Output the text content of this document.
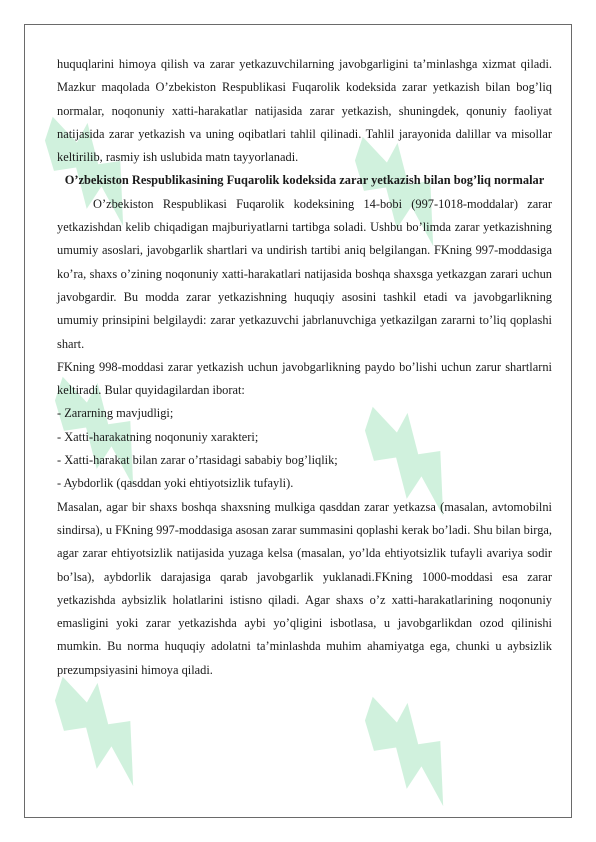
huquqlarini himoya qilish va zarar yetkazuvchilarning javobgarligini ta’minlashga xizmat qiladi. Mazkur maqolada O’zbekiston Respublikasi Fuqarolik kodeksida zarar yetkazish bilan bog’liq normalar, noqonuniy xatti-harakatlar natijasida zarar yetkazish, shuningdek, qonuniy faoliyat natijasida zarar yetkazish va uning oqibatlari tahlil qilinadi. Tahlil jarayonida dalillar va misollar keltirilib, rasmiy ish uslubida matn tayyorlanadi.

O’zbekiston Respublikasining Fuqarolik kodeksida zarar yetkazish bilan bog’liq normalar

O’zbekiston Respublikasi Fuqarolik kodeksining 14-bobi (997-1018-moddalar) zarar yetkazishdan kelib chiqadigan majburiyatlarni tartibga soladi. Ushbu bo’limda zarar yetkazishning umumiy asoslari, javobgarlik shartlari va undirish tartibi aniq belgilangan. FKning 997-moddasiga ko’ra, shaxs o’zining noqonuniy xatti-harakatlari natijasida boshqa shaxsga yetkazgan zarari uchun javobgardir. Bu modda zarar yetkazishning huquqiy asosini tashkil etadi va javobgarlikning umumiy prinsipini belgilaydi: zarar yetkazuvchi jabrlanuvchiga yetkazilgan zararni to’liq qoplashi shart.

FKning 998-moddasi zarar yetkazish uchun javobgarlikning paydo bo’lishi uchun zarur shartlarni keltiradi. Bular quyidagilardan iborat:

- Zararning mavjudligi;

- Xatti-harakatning noqonuniy xarakteri;

- Xatti-harakat bilan zarar o’rtasidagi sababiy bog’liqlik;

- Aybdorlik (qasddan yoki ehtiyotsizlik tufayli).

Masalan, agar bir shaxs boshqa shaxsning mulkiga qasddan zarar yetkazsa (masalan, avtomobilni sindirsa), u FKning 997-moddasiga asosan zarar summasini qoplashi kerak bo’ladi. Shu bilan birga, agar zarar ehtiyotsizlik natijasida yuzaga kelsa (masalan, yo’lda ehtiyotsizlik tufayli avariya sodir bo’lsa), aybdorlik darajasiga qarab javobgarlik yuklanadi.FKning 1000-moddasi esa zarar yetkazishda aybsizlik holatlarini istisno qiladi. Agar shaxs o’z xatti-harakatlarining noqonuniy emasligini yoki zarar yetkazishda aybi yo’qligini isbotlasa, u javobgarlikdan ozod qilinishi mumkin. Bu norma huquqiy adolatni ta’minlashda muhim ahamiyatga ega, chunki u aybsizlik prezumpsiyasini himoya qiladi.
